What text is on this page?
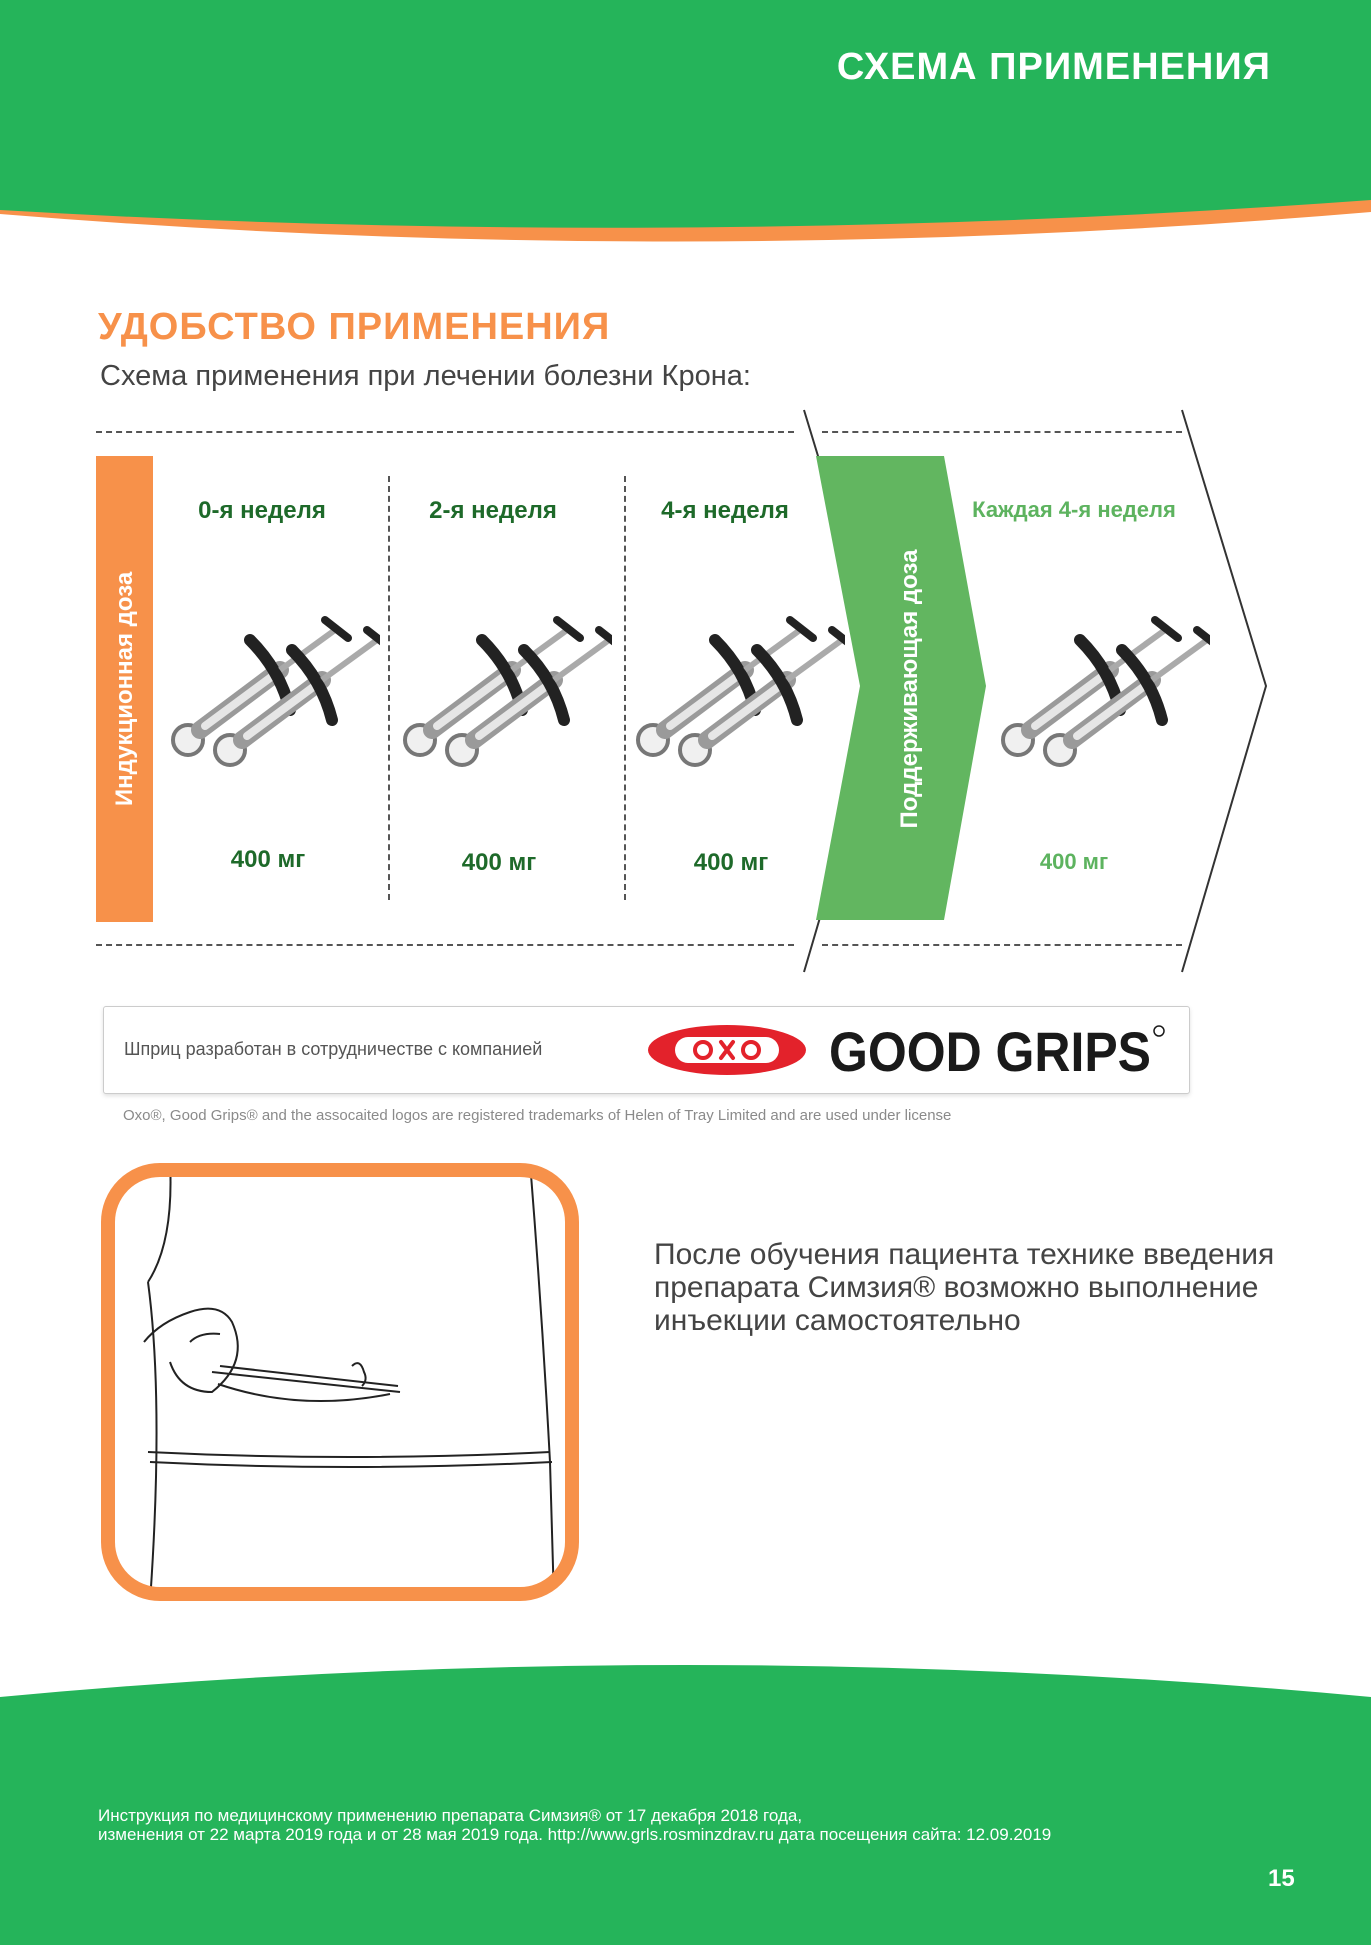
СХЕМА ПРИМЕНЕНИЯ
УДОБСТВО ПРИМЕНЕНИЯ
Схема применения при лечении болезни Крона:
Индукционная доза	Поддерживающая доза
0-я неделя	2-я неделя	4-я неделя	Каждая 4-я неделя
400 мг	400 мг	400 мг	400 мг
Шприц разработан в сотрудничестве с компанией	GOOD GRIPS
Oxo®, Good Grips® and the assocaited logos are registered trademarks of Helen of Tray Limited and are used under license
После обучения пациента технике введения препарата Симзия® возможно выполнение инъекции самостоятельно
Инструкция по медицинскому применению препарата Симзия® от 17 декабря 2018 года,
изменения от 22 марта 2019 года и от 28 мая 2019 года. http://www.grls.rosminzdrav.ru дата посещения сайта: 12.09.2019
15
